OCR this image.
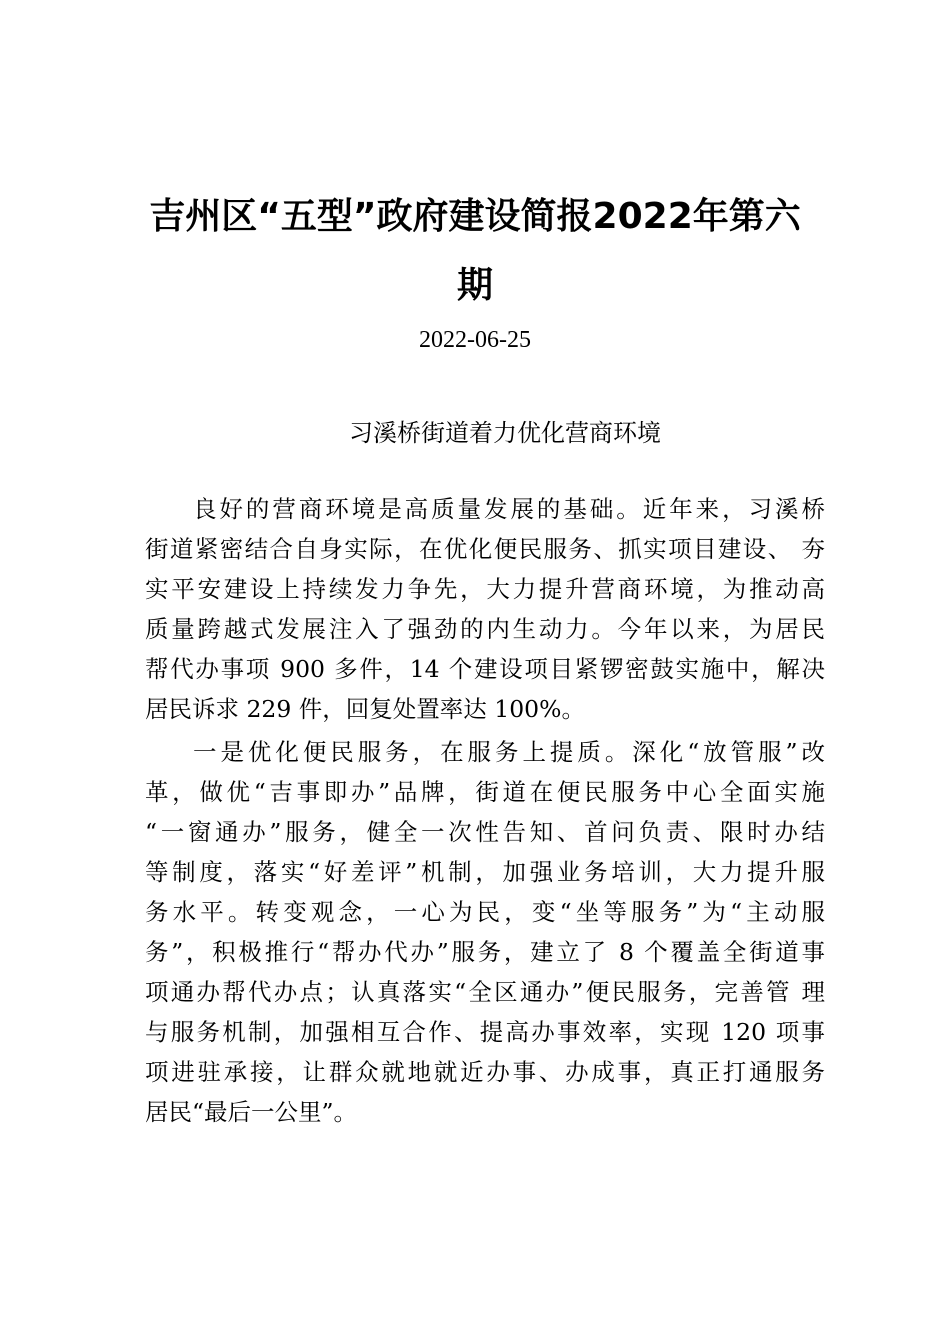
吉州区“五型”政府建设简报2022年第六
期
2022-06-25
习溪桥街道着力优化营商环境
良好的营商环境是高质量发展的基础。近年来，习溪桥
街道紧密结合自身实际，在优化便民服务、抓实项目建设、 夯
实平安建设上持续发力争先，大力提升营商环境，为推动高
质量跨越式发展注入了强劲的内生动力。今年以来，为居民
帮代办事项 900 多件，14 个建设项目紧锣密鼓实施中，解决
居民诉求 229 件，回复处置率达 100%。
一是优化便民服务，在服务上提质。深化“放管服”改
革，做优“吉事即办”品牌，街道在便民服务中心全面实施
“一窗通办”服务，健全一次性告知、首问负责、限时办结
等制度，落实“好差评”机制，加强业务培训，大力提升服
务水平。转变观念，一心为民，变“坐等服务”为“主动服
务”，积极推行“帮办代办”服务，建立了 8 个覆盖全街道事
项通办帮代办点；认真落实“全区通办”便民服务，完善管 理
与服务机制，加强相互合作、提高办事效率，实现 120 项事
项进驻承接，让群众就地就近办事、办成事，真正打通服务
居民“最后一公里”。
